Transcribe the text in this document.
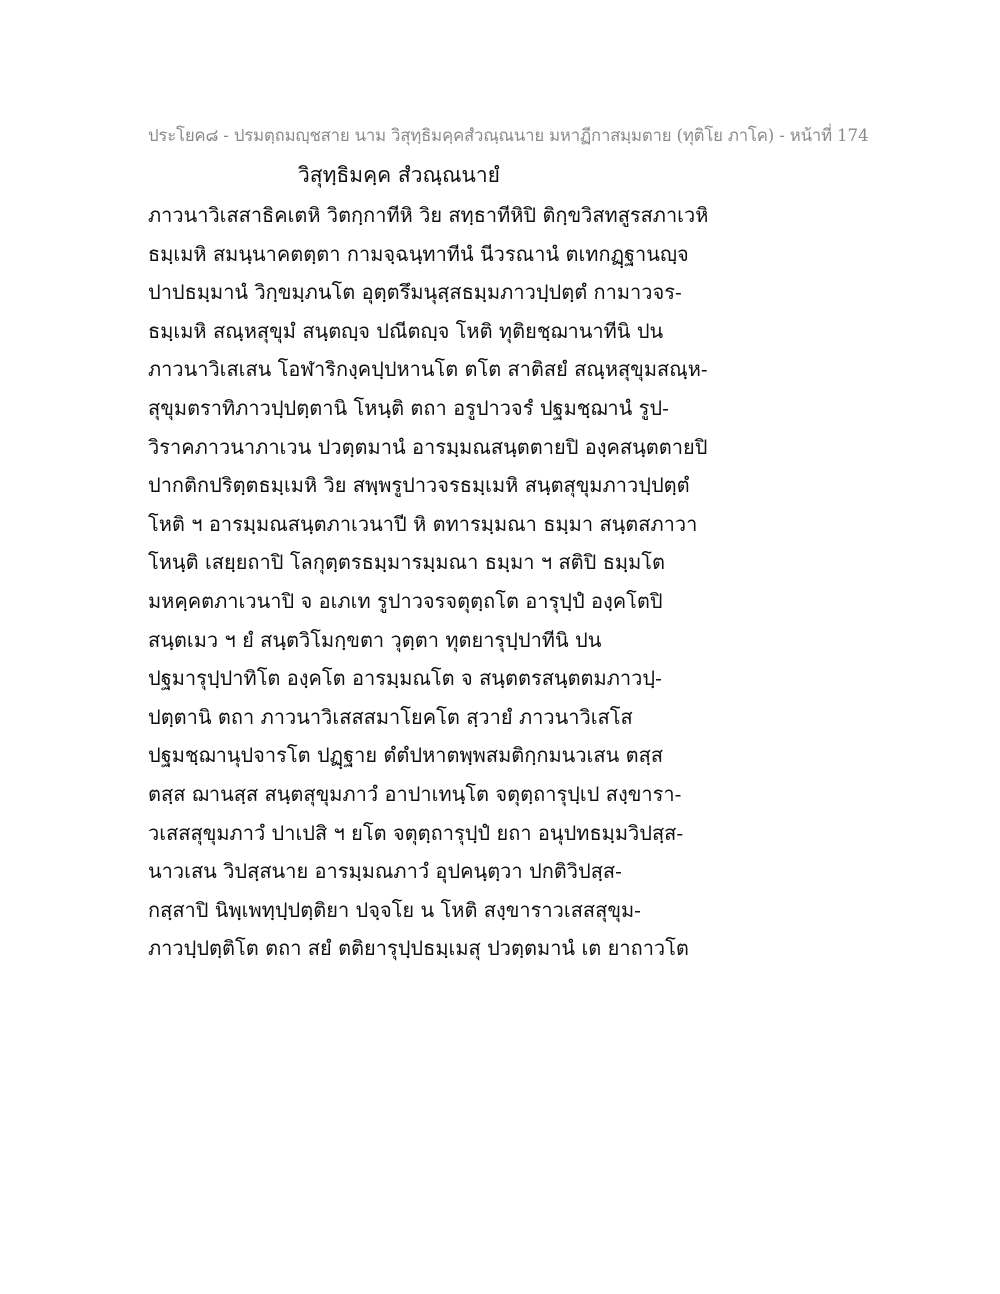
ประโยค๘ - ปรมตฺถมญฺชสาย นาม วิสุทฺธิมคฺคสํวณฺณนาย มหาฏีกาสมฺมตาย (ทุติโย ภาโค) - หน้าที่ 174
วิสุทฺธิมคฺค สํวณฺณนายํ
ภาวนาวิเสสาธิคเตหิ วิตกฺกาทีหิ วิย สทฺธาทีหิปิ ติกฺขวิสทสูรสภาเวหิ
ธมฺเมหิ สมนฺนาคตตฺตา กามจฺฉนฺทาทีนํ นีวรณานํ ตเทกฏฺฐานญฺจ
ปาปธมฺมานํ วิกฺขมฺภนโต อุตฺตรึมนุสฺสธมฺมภาวปฺปตฺตํ กามาวจร-
ธมฺเมหิ สณฺหสุขุมํ สนฺตญฺจ ปณีตญฺจ โหติ ทุติยชฺฌานาทีนิ ปน
ภาวนาวิเสเสน โอฬาริกงฺคปฺปหานโต ตโต สาติสยํ สณฺหสุขุมสณฺห-
สุขุมตราทิภาวปฺปตฺตานิ โหนฺติ ตถา อรูปาวจรํ ปฐมชฺฌานํ รูป-
วิราคภาวนาภาเวน ปวตฺตมานํ อารมฺมณสนฺตตายปิ องฺคสนฺตตายปิ
ปากติกปริตฺตธมฺเมหิ วิย สพฺพรูปาวจรธมฺเมหิ สนฺตสุขุมภาวปฺปตฺตํ
โหติ ฯ อารมฺมณสนฺตภาเวนาปี หิ ตทารมฺมณา ธมฺมา สนฺตสภาวา
โหนฺติ เสยฺยถาปิ โลกุตฺตรธมฺมารมฺมณา ธมฺมา ฯ สติปิ ธมฺมโต
มหคฺคตภาเวนาปิ จ อเภเท รูปาวจรจตุตฺถโต อารุปฺปํ องฺคโตปิ
สนฺตเมว ฯ ยํ สนฺตวิโมกฺขตา วุตฺตา ทุตยารุปฺปาทีนิ ปน
ปฐมารุปฺปาทิโต องฺคโต อารมฺมณโต จ สนฺตตรสนฺตตมภาวปฺ-
ปตฺตานิ ตถา ภาวนาวิเสสสมาโยคโต สฺวายํ ภาวนาวิเสโส
ปฐมชฺฌานุปจารโต ปฏฺฐาย ตํตํปหาตพฺพสมติกฺกมนวเสน ตสฺส
ตสฺส ฌานสฺส สนฺตสุขุมภาวํ อาปาเทนฺโต จตุตฺถารุปฺเป สงฺขารา-
วเสสสุขุมภาวํ ปาเปสิ ฯ ยโต จตุตฺถารุปฺปํ ยถา อนุปทธมฺมวิปสฺส-
นาวเสน วิปสฺสนาย อารมฺมณภาวํ อุปคนฺตฺวา ปกติวิปสฺส-
กสฺสาปิ นิพฺเพทฺปฺปตฺติยา ปจฺจโย น โหติ สงฺขาราวเสสสุขุม-
ภาวปฺปตฺติโต ตถา สยํ ตติยารุปฺปธมฺเมสุ ปวตฺตมานํ เต ยาถาวโต
